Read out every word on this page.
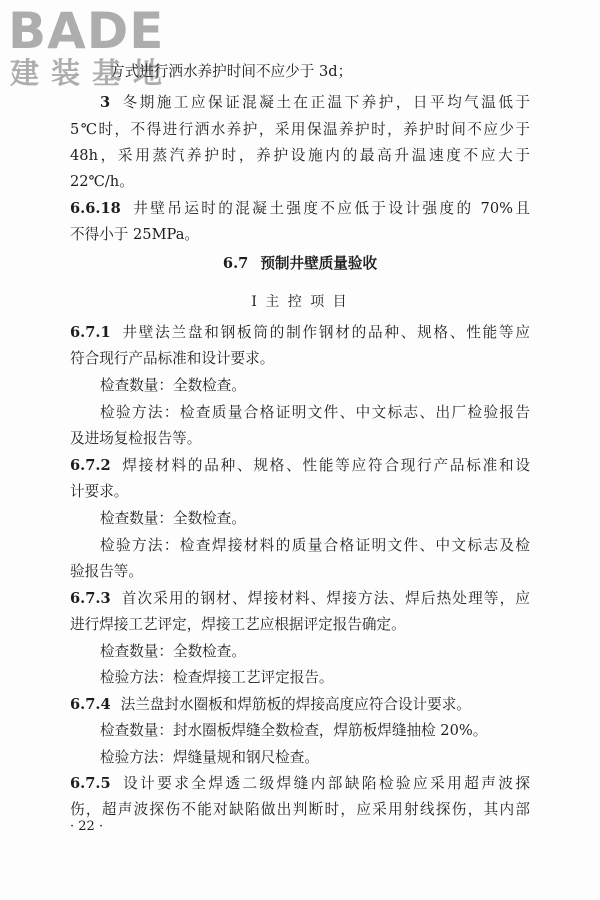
BADE
建装基地
方式进行洒水养护时间不应少于 3d；
3 冬期施工应保证混凝土在正温下养护，日平均气温低于
5℃时，不得进行洒水养护，采用保温养护时，养护时间不应少于
48h，采用蒸汽养护时，养护设施内的最高升温速度不应大于
22℃/h。
6.6.18 井壁吊运时的混凝土强度不应低于设计强度的 70%且
不得小于 25MPa。
6.7 预制井壁质量验收
Ⅰ 主 控 项 目
6.7.1 井壁法兰盘和钢板筒的制作钢材的品种、规格、性能等应
符合现行产品标准和设计要求。
检查数量：全数检查。
检验方法：检查质量合格证明文件、中文标志、出厂检验报告
及进场复检报告等。
6.7.2 焊接材料的品种、规格、性能等应符合现行产品标准和设
计要求。
检查数量：全数检查。
检验方法：检查焊接材料的质量合格证明文件、中文标志及检
验报告等。
6.7.3 首次采用的钢材、焊接材料、焊接方法、焊后热处理等，应
进行焊接工艺评定，焊接工艺应根据评定报告确定。
检查数量：全数检查。
检验方法：检查焊接工艺评定报告。
6.7.4 法兰盘封水圈板和焊筋板的焊接高度应符合设计要求。
检查数量：封水圈板焊缝全数检查，焊筋板焊缝抽检 20%。
检验方法：焊缝量规和钢尺检查。
6.7.5 设计要求全焊透二级焊缝内部缺陷检验应采用超声波探
伤，超声波探伤不能对缺陷做出判断时，应采用射线探伤，其内部
· 22 ·
